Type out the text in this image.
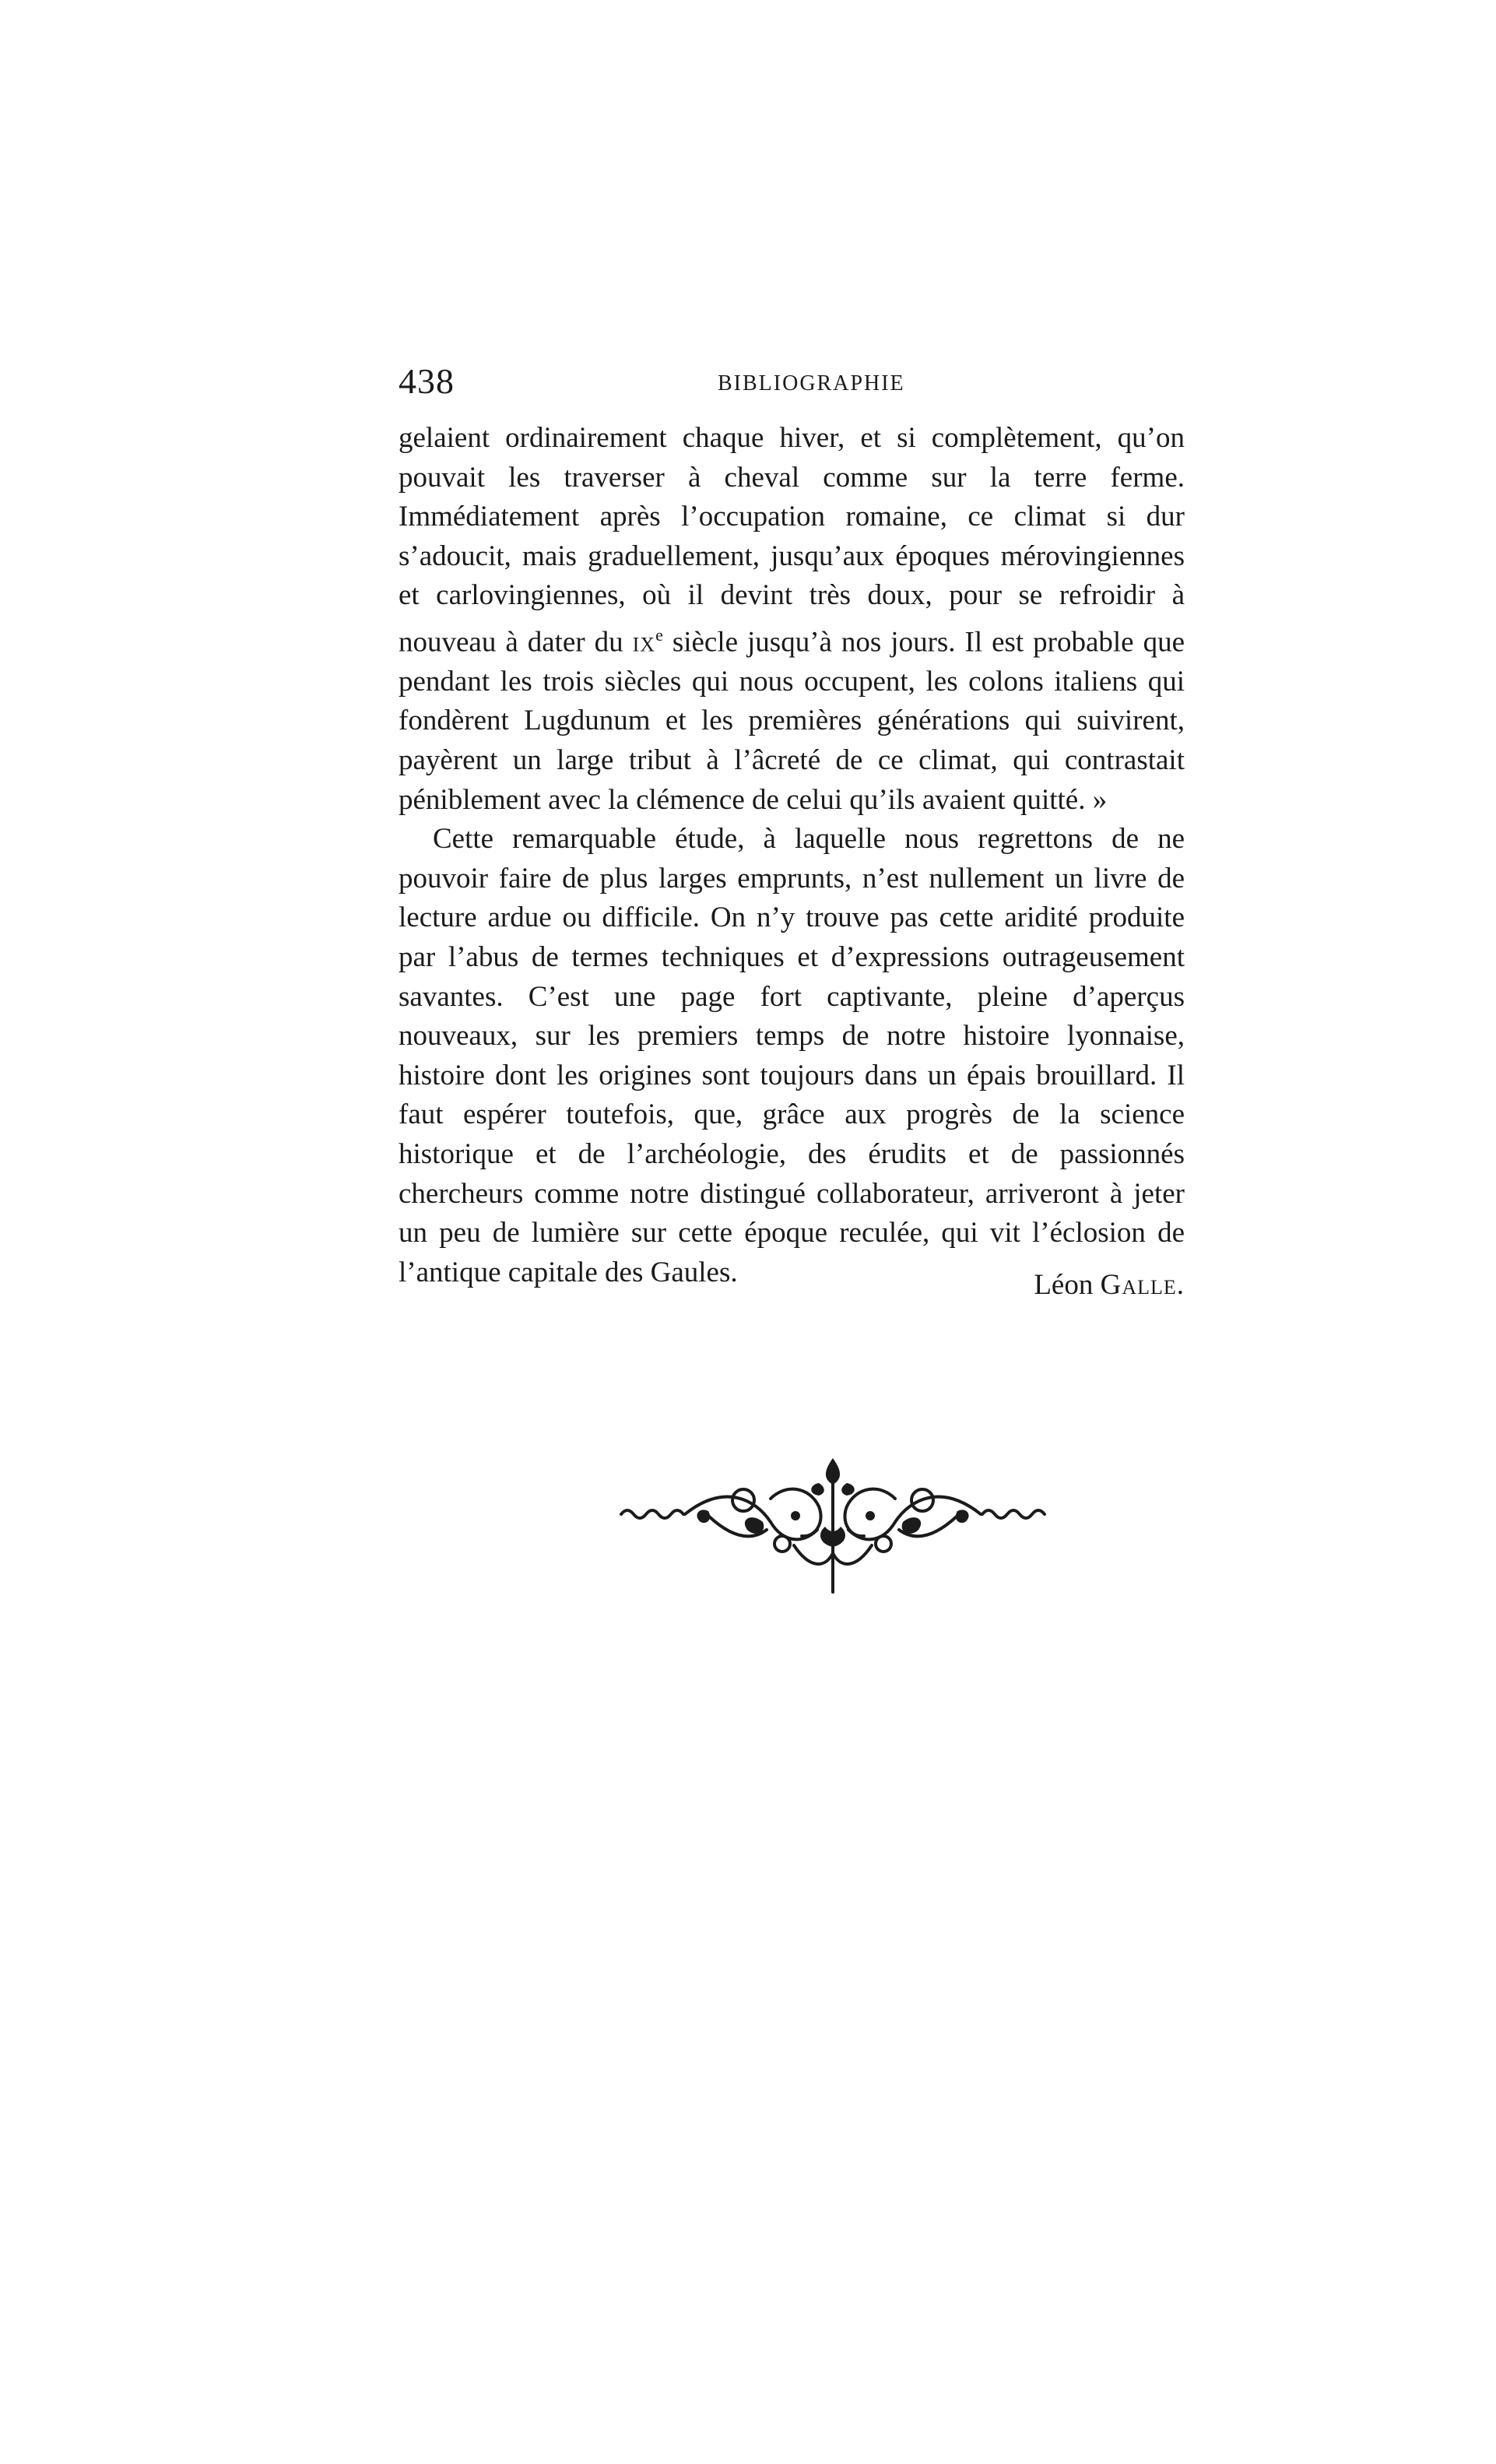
438	BIBLIOGRAPHIE

gelaient ordinairement chaque hiver, et si complètement, qu’on pouvait les traverser à cheval comme sur la terre ferme. Immédiatement après l’occupation romaine, ce climat si dur s’adoucit, mais graduellement, jusqu’aux époques mérovingiennes et carlovingiennes, où il devint très doux, pour se refroidir à nouveau à dater du $ix^e$ siècle jusqu’à nos jours. Il est probable que pendant les trois siècles qui nous occupent, les colons italiens qui fondèrent Lugdunum et les premières générations qui suivirent, payèrent un large tribut à l’âcreté de ce climat, qui contrastait péniblement avec la clémence de celui qu’ils avaient quitté. »

Cette remarquable étude, à laquelle nous regrettons de ne pouvoir faire de plus larges emprunts, n’est nullement un livre de lecture ardue ou difficile. On n’y trouve pas cette aridité produite par l’abus de termes techniques et d’expressions outrageusement savantes. C’est une page fort captivante, pleine d’aperçus nouveaux, sur les premiers temps de notre histoire lyonnaise, histoire dont les origines sont toujours dans un épais brouillard. Il faut espérer toutefois, que, grâce aux progrès de la science historique et de l’archéologie, des érudits et de passionnés chercheurs comme notre distingué collaborateur, arriveront à jeter un peu de lumière sur cette époque reculée, qui vit l’éclosion de l’antique capitale des Gaules.	Léon Galle.
